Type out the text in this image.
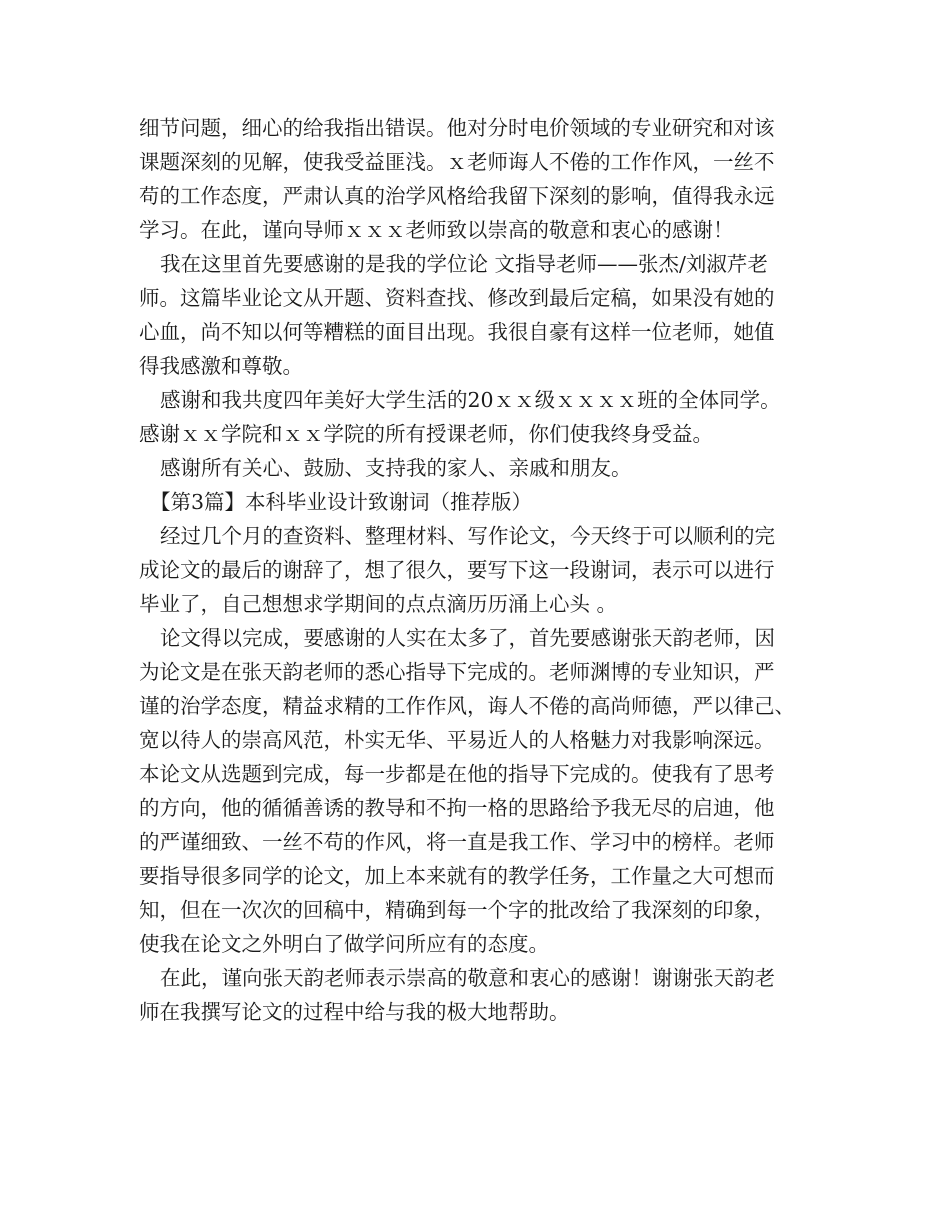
细节问题，细心的给我指出错误。他对分时电价领域的专业研究和对该
课题深刻的见解，使我受益匪浅。ｘ老师诲人不倦的工作作风，一丝不
苟的工作态度，严肃认真的治学风格给我留下深刻的影响，值得我永远
学习。在此，谨向导师ｘｘｘ老师致以崇高的敬意和衷心的感谢！
我在这里首先要感谢的是我的学位论 文指导老师——张杰/刘淑芹老
师。这篇毕业论文从开题、资料查找、修改到最后定稿，如果没有她的
心血，尚不知以何等糟糕的面目出现。我很自豪有这样一位老师，她值
得我感激和尊敬。
感谢和我共度四年美好大学生活的20ｘｘ级ｘｘｘｘ班的全体同学。
感谢ｘｘ学院和ｘｘ学院的所有授课老师，你们使我终身受益。
感谢所有关心、鼓励、支持我的家人、亲戚和朋友。
【第3篇】本科毕业设计致谢词（推荐版）
经过几个月的查资料、整理材料、写作论文，今天终于可以顺利的完
成论文的最后的谢辞了，想了很久，要写下这一段谢词，表示可以进行
毕业了，自己想想求学期间的点点滴历历涌上心头 。
论文得以完成，要感谢的人实在太多了，首先要感谢张天韵老师，因
为论文是在张天韵老师的悉心指导下完成的。老师渊博的专业知识，严
谨的治学态度，精益求精的工作作风，诲人不倦的高尚师德，严以律己、
宽以待人的崇高风范，朴实无华、平易近人的人格魅力对我影响深远。
本论文从选题到完成，每一步都是在他的指导下完成的。使我有了思考
的方向，他的循循善诱的教导和不拘一格的思路给予我无尽的启迪，他
的严谨细致、一丝不苟的作风，将一直是我工作、学习中的榜样。老师
要指导很多同学的论文，加上本来就有的教学任务，工作量之大可想而
知，但在一次次的回稿中，精确到每一个字的批改给了我深刻的印象，
使我在论文之外明白了做学问所应有的态度。
在此，谨向张天韵老师表示崇高的敬意和衷心的感谢！谢谢张天韵老
师在我撰写论文的过程中给与我的极大地帮助。
